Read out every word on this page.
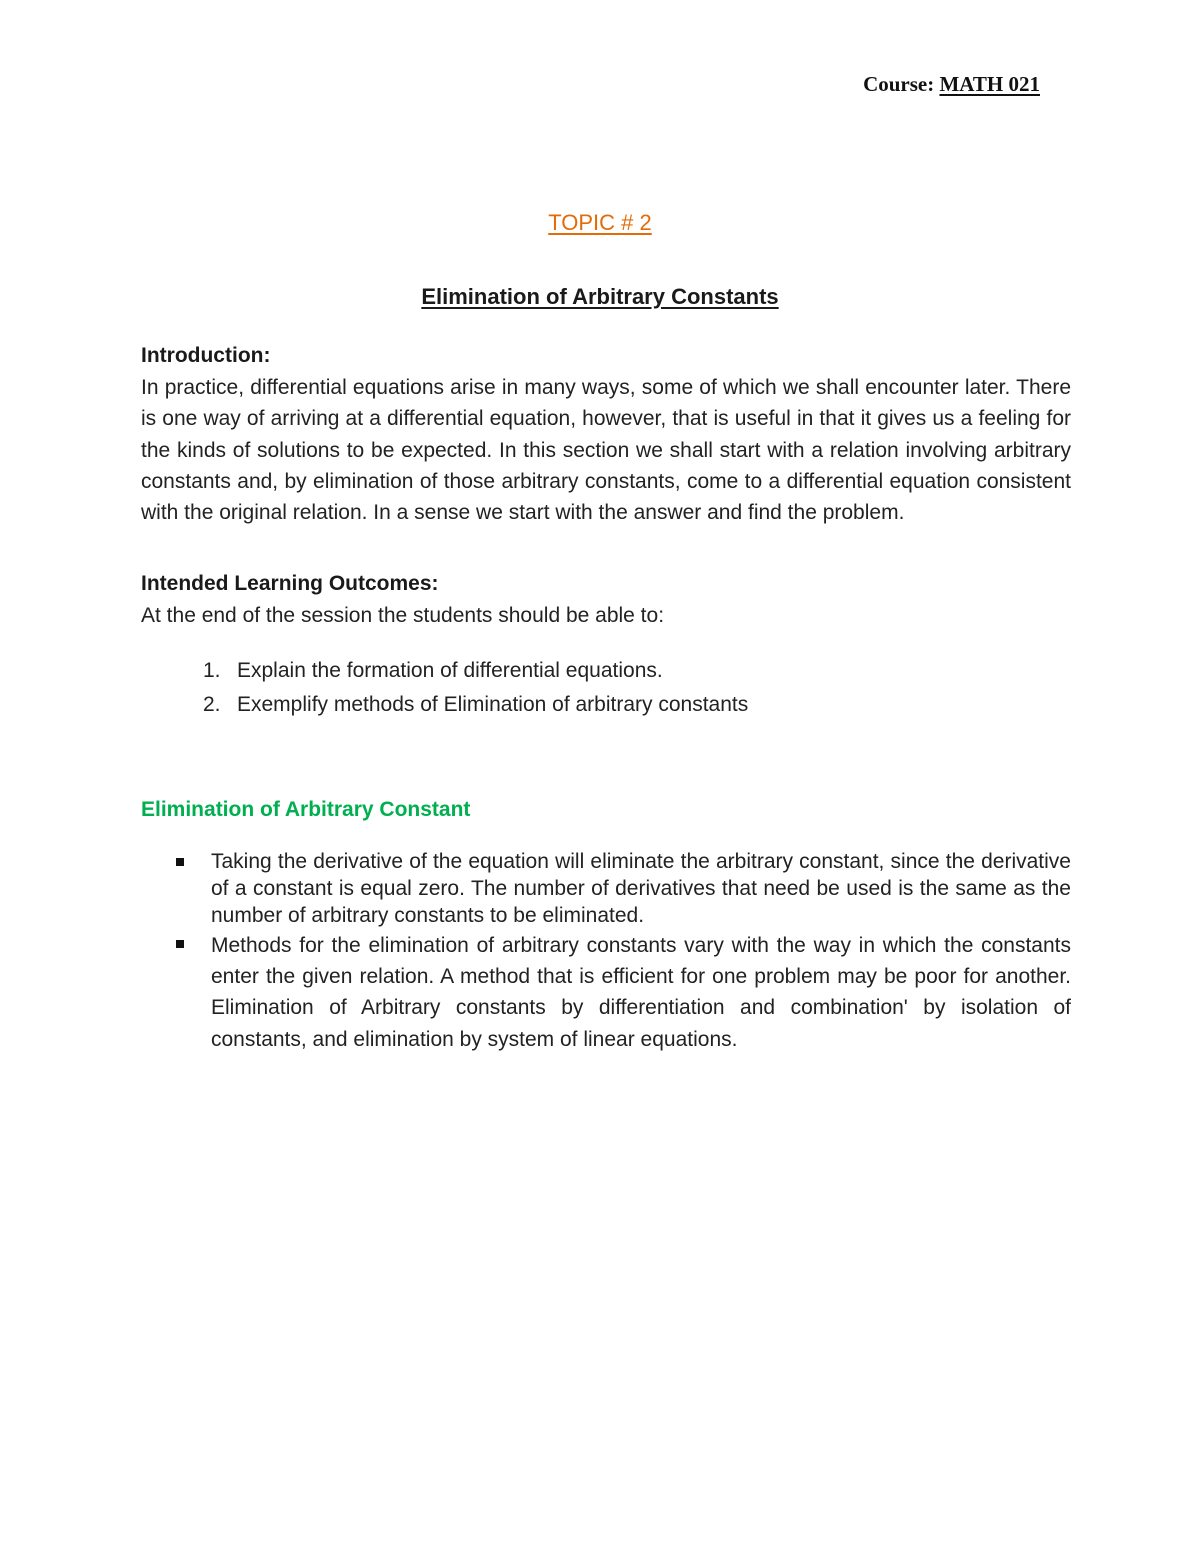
Course: MATH 021
TOPIC # 2
Elimination of Arbitrary Constants

Introduction:

In practice, differential equations arise in many ways, some of which we shall encounter later. There is one way of arriving at a differential equation, however, that is useful in that it gives us a feeling for the kinds of solutions to be expected. In this section we shall start with a relation involving arbitrary constants and, by elimination of those arbitrary constants, come to a differential equation consistent with the original relation. In a sense we start with the answer and find the problem.

Intended Learning Outcomes:

At the end of the session the students should be able to:

1. Explain the formation of differential equations.
2. Exemplify methods of Elimination of arbitrary constants

Elimination of Arbitrary Constant

Taking the derivative of the equation will eliminate the arbitrary constant, since the derivative of a constant is equal zero. The number of derivatives that need be used is the same as the number of arbitrary constants to be eliminated.
Methods for the elimination of arbitrary constants vary with the way in which the constants enter the given relation. A method that is efficient for one problem may be poor for another. Elimination of Arbitrary constants by differentiation and combination' by isolation of constants, and elimination by system of linear equations.
